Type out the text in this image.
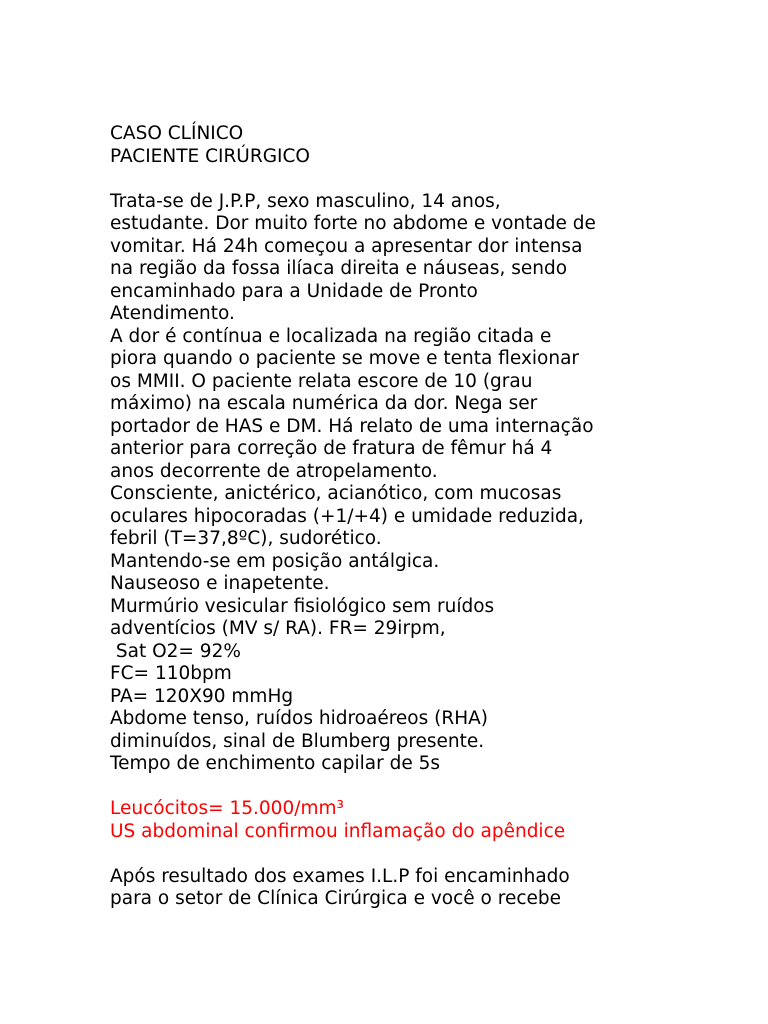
CASO CLÍNICO
PACIENTE CIRÚRGICO
Trata-se de J.P.P, sexo masculino, 14 anos,
estudante. Dor muito forte no abdome e vontade de
vomitar. Há 24h começou a apresentar dor intensa
na região da fossa ilíaca direita e náuseas, sendo
encaminhado para a Unidade de Pronto
Atendimento.
A dor é contínua e localizada na região citada e
piora quando o paciente se move e tenta flexionar
os MMII. O paciente relata escore de 10 (grau
máximo) na escala numérica da dor. Nega ser
portador de HAS e DM. Há relato de uma internação
anterior para correção de fratura de fêmur há 4
anos decorrente de atropelamento.
Consciente, anictérico, acianótico, com mucosas
oculares hipocoradas (+1/+4) e umidade reduzida,
febril (T=37,8ºC), sudorético.
Mantendo-se em posição antálgica.
Nauseoso e inapetente.
Murmúrio vesicular fisiológico sem ruídos
adventícios (MV s/ RA). FR= 29irpm,
Sat O2= 92%
FC= 110bpm
PA= 120X90 mmHg
Abdome tenso, ruídos hidroaéreos (RHA)
diminuídos, sinal de Blumberg presente.
Tempo de enchimento capilar de 5s
Leucócitos= 15.000/mm³
US abdominal confirmou inflamação do apêndice
Após resultado dos exames I.L.P foi encaminhado
para o setor de Clínica Cirúrgica e você o recebe
